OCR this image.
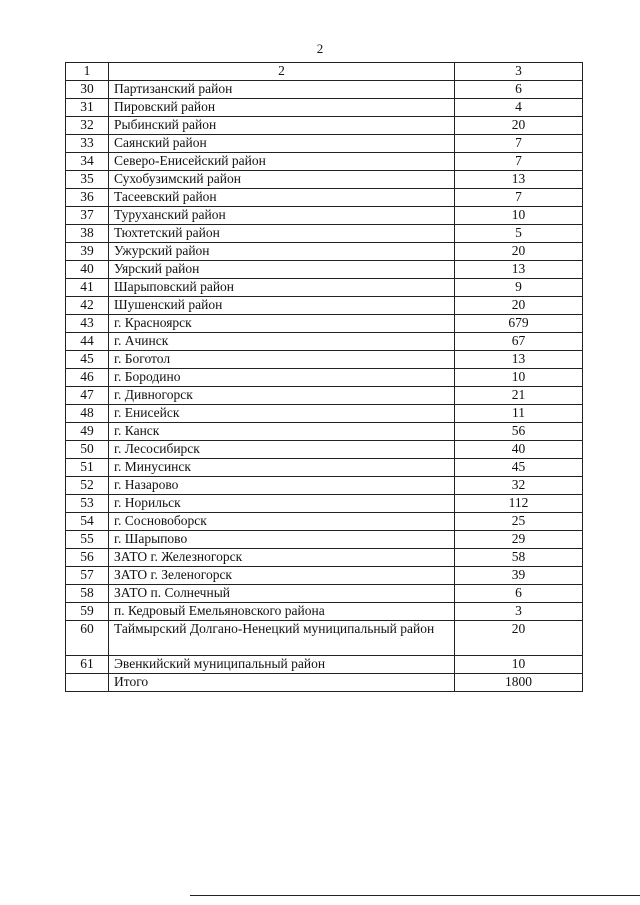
2
1	2	3
30	Партизанский район	6
31	Пировский район	4
32	Рыбинский район	20
33	Саянский район	7
34	Северо-Енисейский район	7
35	Сухобузимский район	13
36	Тасеевский район	7
37	Туруханский район	10
38	Тюхтетский район	5
39	Ужурский район	20
40	Уярский район	13
41	Шарыповский район	9
42	Шушенский район	20
43	г. Красноярск	679
44	г. Ачинск	67
45	г. Боготол	13
46	г. Бородино	10
47	г. Дивногорск	21
48	г. Енисейск	11
49	г. Канск	56
50	г. Лесосибирск	40
51	г. Минусинск	45
52	г. Назарово	32
53	г. Норильск	112
54	г. Сосновоборск	25
55	г. Шарыпово	29
56	ЗАТО г. Железногорск	58
57	ЗАТО г. Зеленогорск	39
58	ЗАТО п. Солнечный	6
59	п. Кедровый Емельяновского района	3
60	Таймырский Долгано-Ненецкий муниципальный район	20
61	Эвенкийский муниципальный район	10
	Итого	1800
